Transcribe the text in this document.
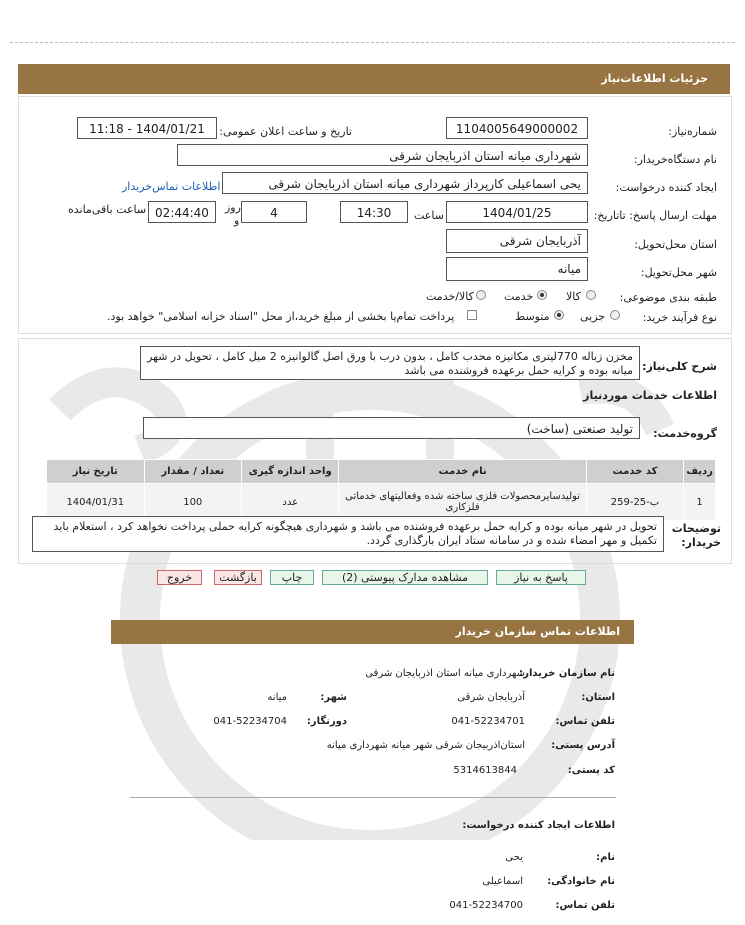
جزئیات اطلاعات‌نیاز
شماره‌نیاز:
1104005649000002
تاریخ و ساعت اعلان عمومی:
1404/01/21 - 11:18
نام دستگاه‌خریدار:
شهرداری میانه استان اذربایجان شرقی
ایجاد کننده درخواست:
یحی اسماعیلی کارپرداز شهرداری میانه استان اذربایجان شرقی
اطلاعات تماس‌خریدار
مهلت ارسال پاسخ: تاتاریخ:
1404/01/25
ساعت
14:30
4
روز
و
02:44:40
ساعت باقی‌مانده
استان محل‌تحویل:
آذربایجان شرقی
شهر محل‌تحویل:
میانه
طبقه بندی موضوعی:
کالا
خدمت
کالا/خدمت
نوع فرآیند خرید:
جزیی
متوسط
پرداخت تمام‌یا بخشی از مبلغ خرید،از محل "اسناد خزانه اسلامی" خواهد بود.
شرح کلی‌نیاز:
مخزن زباله 770لیتری مکانیزه محدب کامل ، بدون درب با ورق اصل گالوانیزه 2 میل کامل ، تحویل در شهر میانه بوده و کرایه حمل برعهده فروشنده می باشد
اطلاعات خدمات موردنیاز
گروه‌خدمت:
تولید صنعتی (ساخت)
ردیف	کد خدمت	نام خدمت	واحد اندازه گیری	تعداد / مقدار	تاریخ نیاز
1	ب-25-259	تولیدسایرمحصولات فلزی ساخته شده وفعالیتهای خدماتی فلزکاری	عدد	100	1404/01/31
توضیحات خریدار:
تحویل در شهر میانه بوده و کرایه حمل برعهده فروشنده می باشد و شهرداری هیچگونه کرایه حملی پرداخت نخواهد کرد ، استعلام باید تکمیل و مهر امضاء شده و در سامانه ستاد ایران بارگذاری گردد.
پاسخ به نیاز
مشاهده مدارک پیوستی (2)
چاپ
بازگشت
خروج
اطلاعات تماس سازمان خریدار
نام سازمان خریدار:
شهرداری میانه استان اذربایجان شرقی
استان:
آذربایجان شرقی
شهر:
میانه
تلفن تماس:
041-52234701
دورنگار:
041-52234704
آدرس پستی:
استان‌اذربیجان شرقی شهر میانه شهرداری میانه
کد پستی:
5314613844
اطلاعات ایجاد کننده درخواست:
نام:
یحی
نام خانوادگی:
اسماعیلی
تلفن تماس:
041-52234700
